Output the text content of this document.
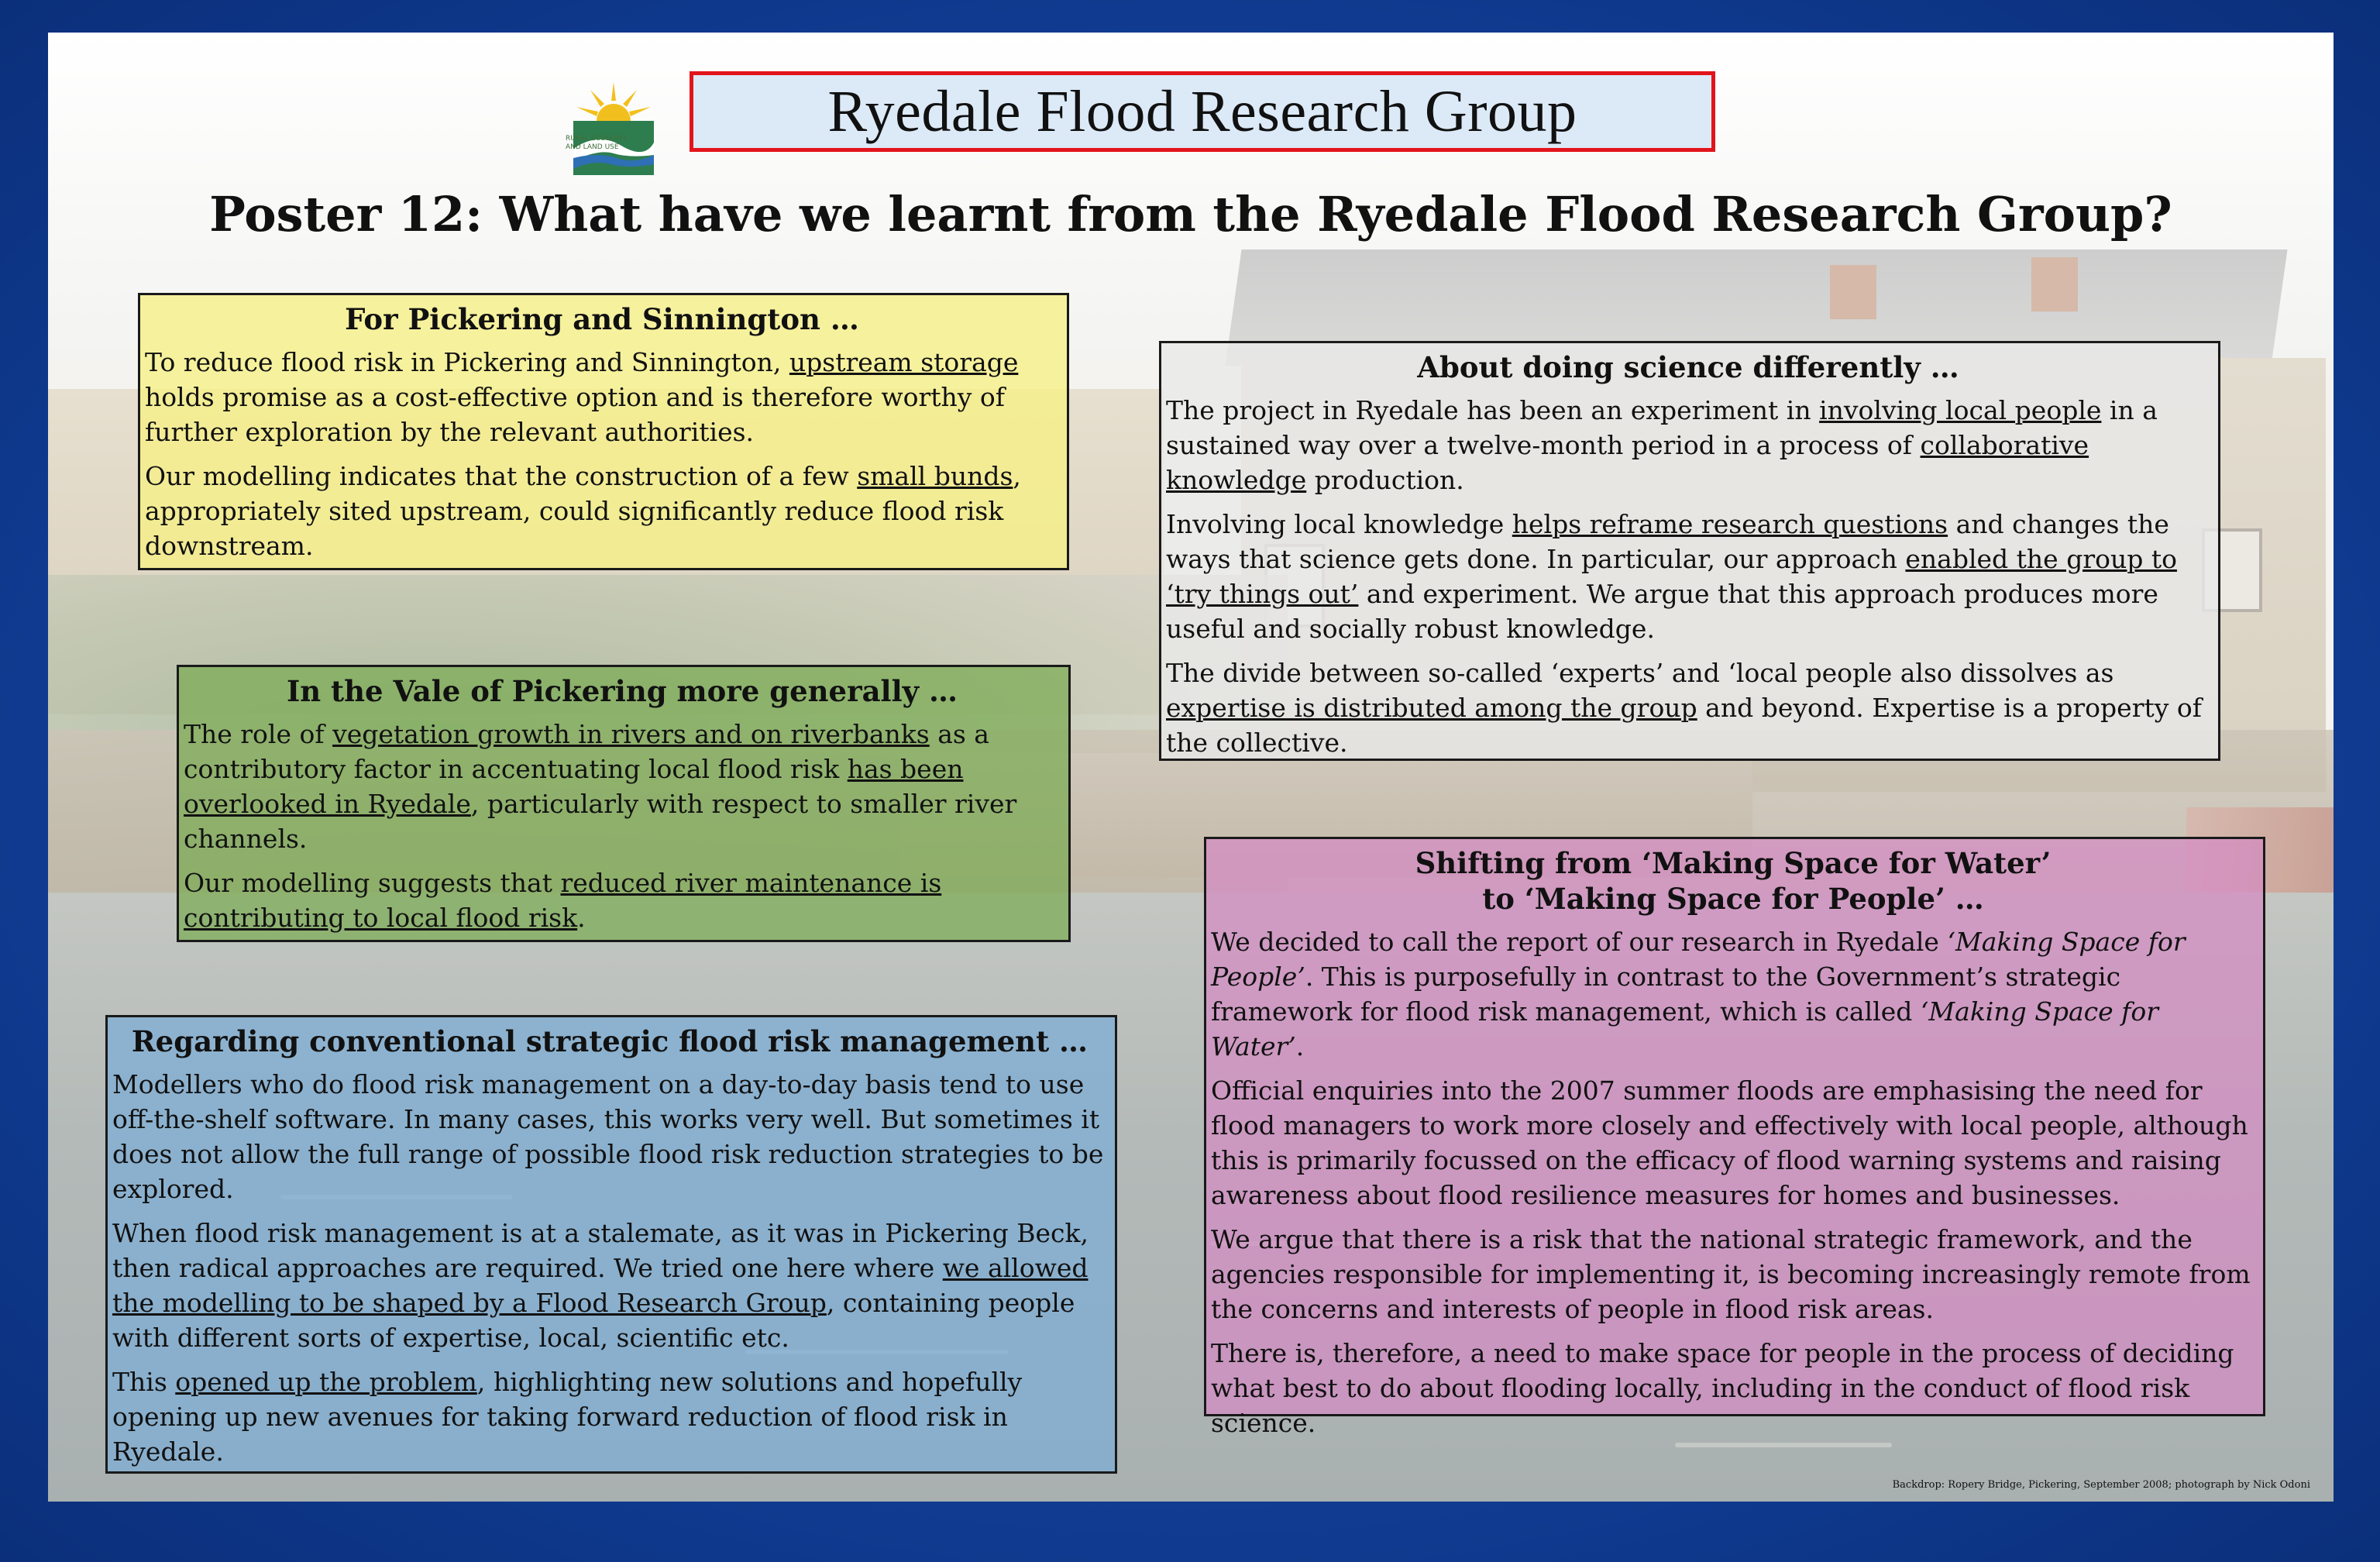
RURAL ECONOMY
AND LAND USE
Ryedale Flood Research Group
Poster 12: What have we learnt from the Ryedale Flood Research Group?
For Pickering and Sinnington …

To reduce flood risk in Pickering and Sinnington, upstream storage holds promise as a cost-effective option and is therefore worthy of further exploration by the relevant authorities.

Our modelling indicates that the construction of a few small bunds, appropriately sited upstream, could significantly reduce flood risk downstream.

In the Vale of Pickering more generally …

The role of vegetation growth in rivers and on riverbanks as a contributory factor in accentuating local flood risk has been overlooked in Ryedale, particularly with respect to smaller river channels.

Our modelling suggests that reduced river maintenance is contributing to local flood risk.

Regarding conventional strategic flood risk management …

Modellers who do flood risk management on a day-to-day basis tend to use off-the-shelf software. In many cases, this works very well. But sometimes it does not allow the full range of possible flood risk reduction strategies to be explored.

When flood risk management is at a stalemate, as it was in Pickering Beck, then radical approaches are required. We tried one here where we allowed the modelling to be shaped by a Flood Research Group, containing people with different sorts of expertise, local, scientific etc.

This opened up the problem, highlighting new solutions and hopefully opening up new avenues for taking forward reduction of flood risk in Ryedale.

About doing science differently …

The project in Ryedale has been an experiment in involving local people in a sustained way over a twelve-month period in a process of collaborative knowledge production.

Involving local knowledge helps reframe research questions and changes the ways that science gets done. In particular, our approach enabled the group to ‘try things out’ and experiment. We argue that this approach produces more useful and socially robust knowledge.

The divide between so-called ‘experts’ and ‘local people also dissolves as expertise is distributed among the group and beyond. Expertise is a property of the collective.

Shifting from ‘Making Space for Water’
to ‘Making Space for People’ …

We decided to call the report of our research in Ryedale ‘Making Space for People’. This is purposefully in contrast to the Government’s strategic framework for flood risk management, which is called ‘Making Space for Water’.

Official enquiries into the 2007 summer floods are emphasising the need for flood managers to work more closely and effectively with local people, although this is primarily focussed on the efficacy of flood warning systems and raising awareness about flood resilience measures for homes and businesses.

We argue that there is a risk that the national strategic framework, and the agencies responsible for implementing it, is becoming increasingly remote from the concerns and interests of people in flood risk areas.

There is, therefore, a need to make space for people in the process of deciding what best to do about flooding locally, including in the conduct of flood risk science.

Backdrop: Ropery Bridge, Pickering, September 2008; photograph by Nick Odoni
